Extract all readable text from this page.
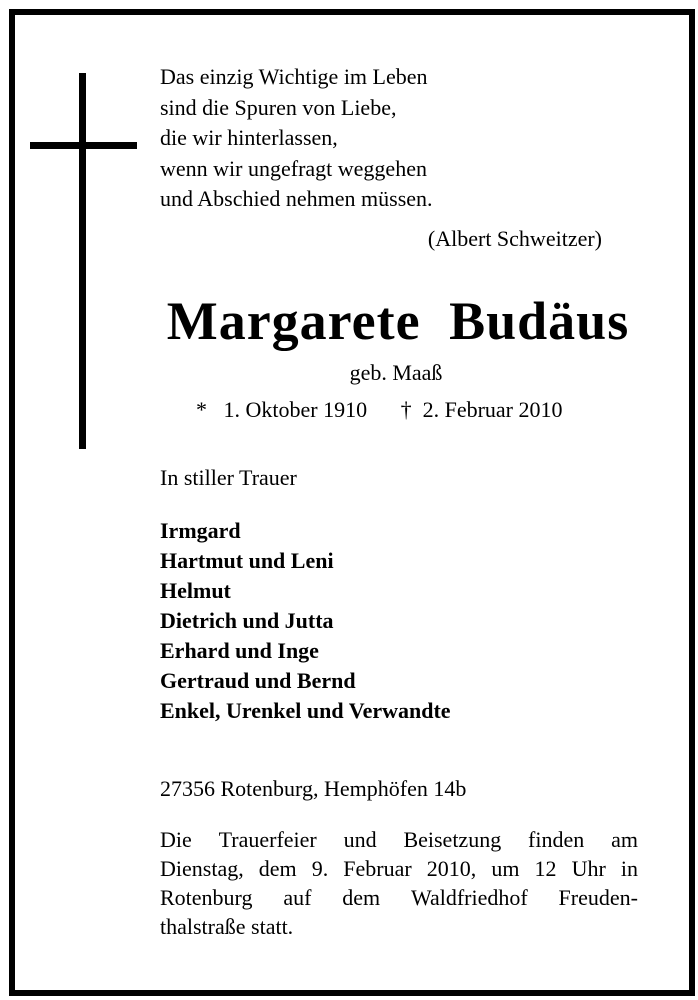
Das einzig Wichtige im Leben
sind die Spuren von Liebe,
die wir hinterlassen,
wenn wir ungefragt weggehen
und Abschied nehmen müssen.
(Albert Schweitzer)
Margarete Budäus
geb. Maaß
* 1. Oktober 1910 † 2. Februar 2010
In stiller Trauer
Irmgard
Hartmut und Leni
Helmut
Dietrich und Jutta
Erhard und Inge
Gertraud und Bernd
Enkel, Urenkel und Verwandte
27356 Rotenburg, Hemphöfen 14b
Die Trauerfeier und Beisetzung finden am
Dienstag, dem 9. Februar 2010, um 12 Uhr in
Rotenburg auf dem Waldfriedhof Freuden-
thalstraße statt.
